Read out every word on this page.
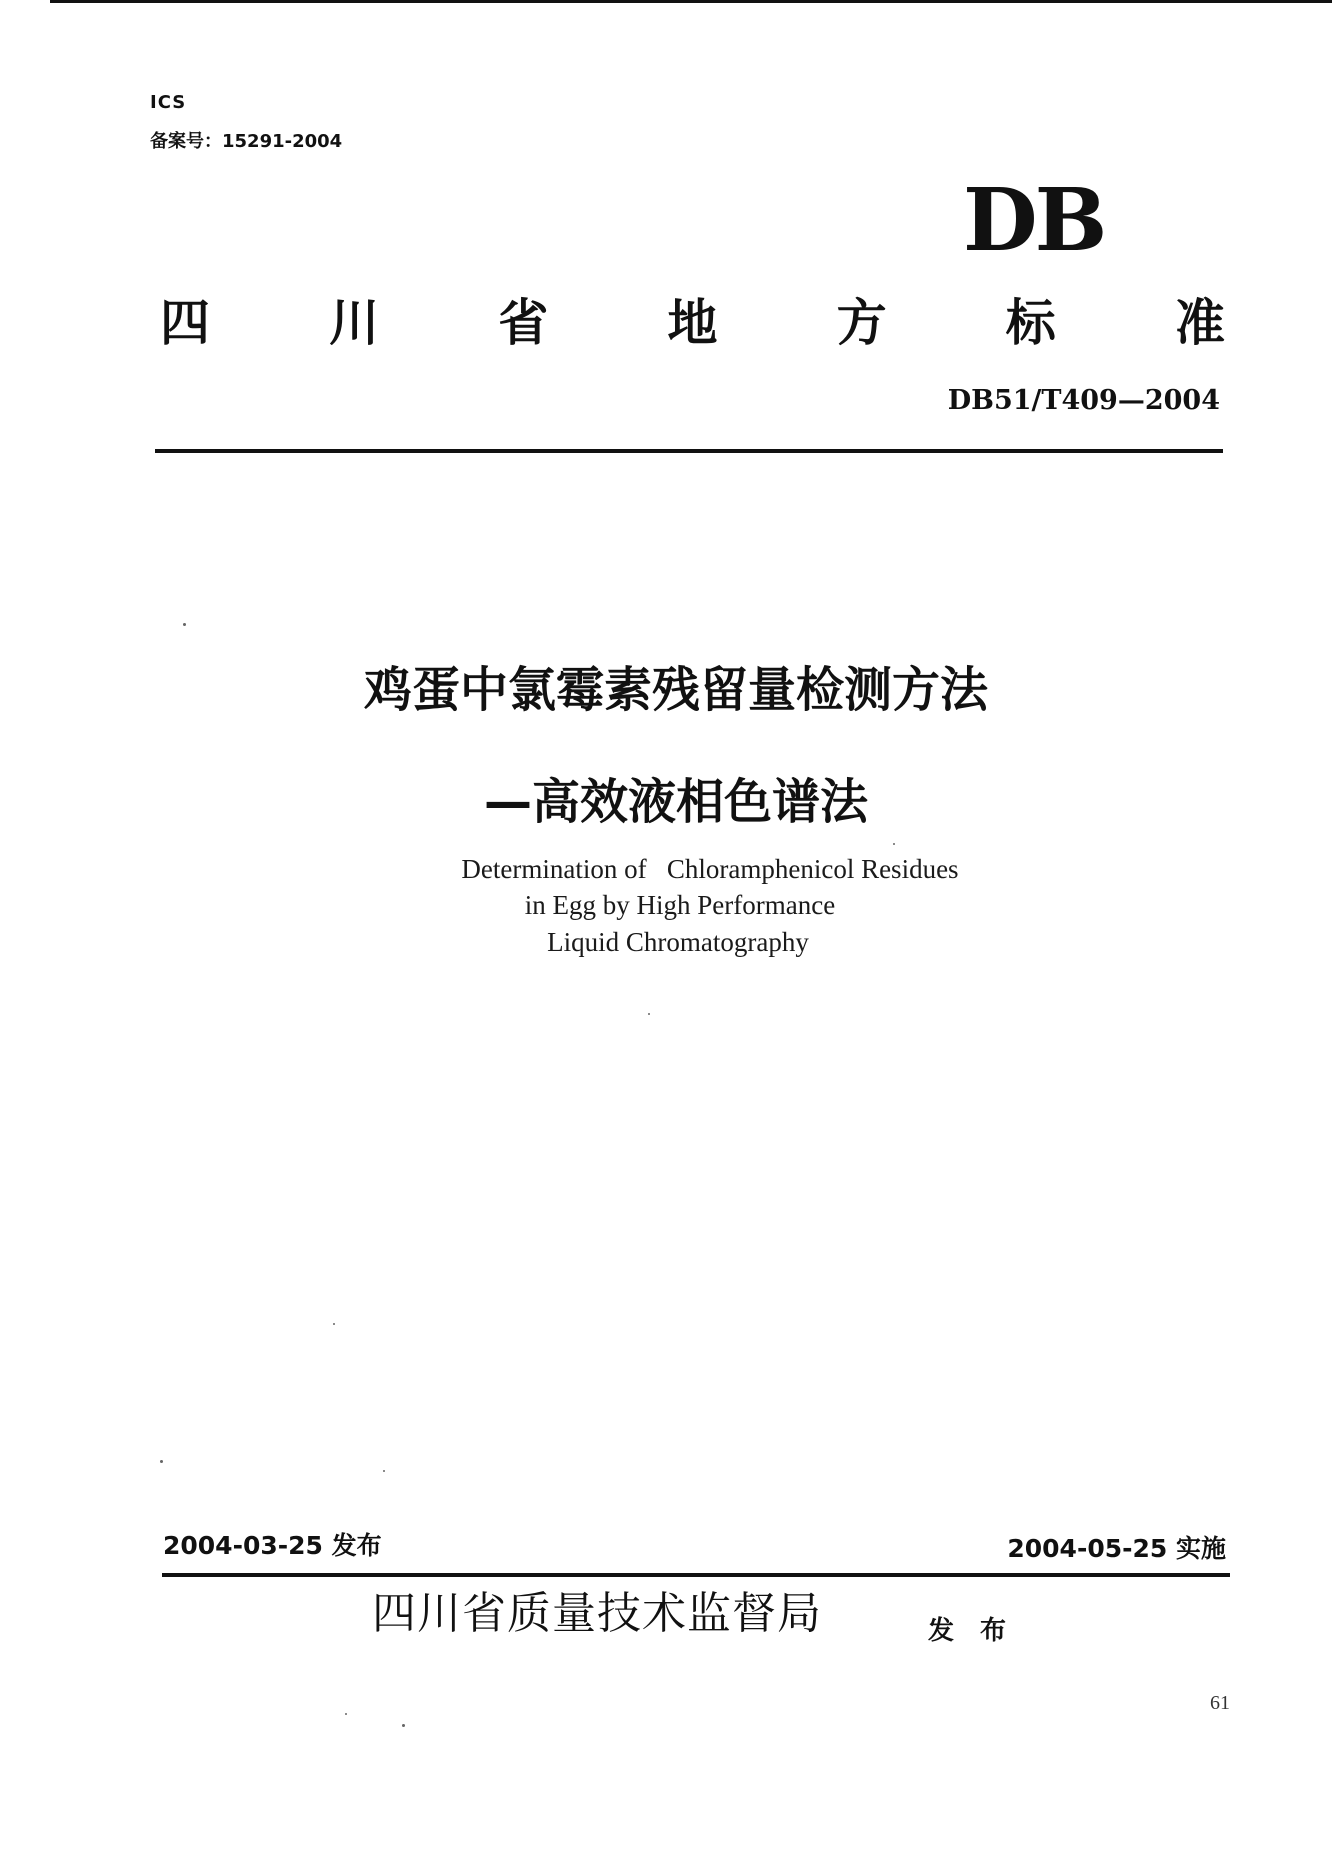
ICS
备案号：15291-2004
DB
四 川 省 地 方 标 准
DB51/T409—2004
鸡蛋中氯霉素残留量检测方法
—高效液相色谱法
Determination of   Chloramphenicol Residues
in Egg by High Performance
Liquid Chromatography
2004-03-25 发布	2004-05-25 实施
四川省质量技术监督局	发布
61
